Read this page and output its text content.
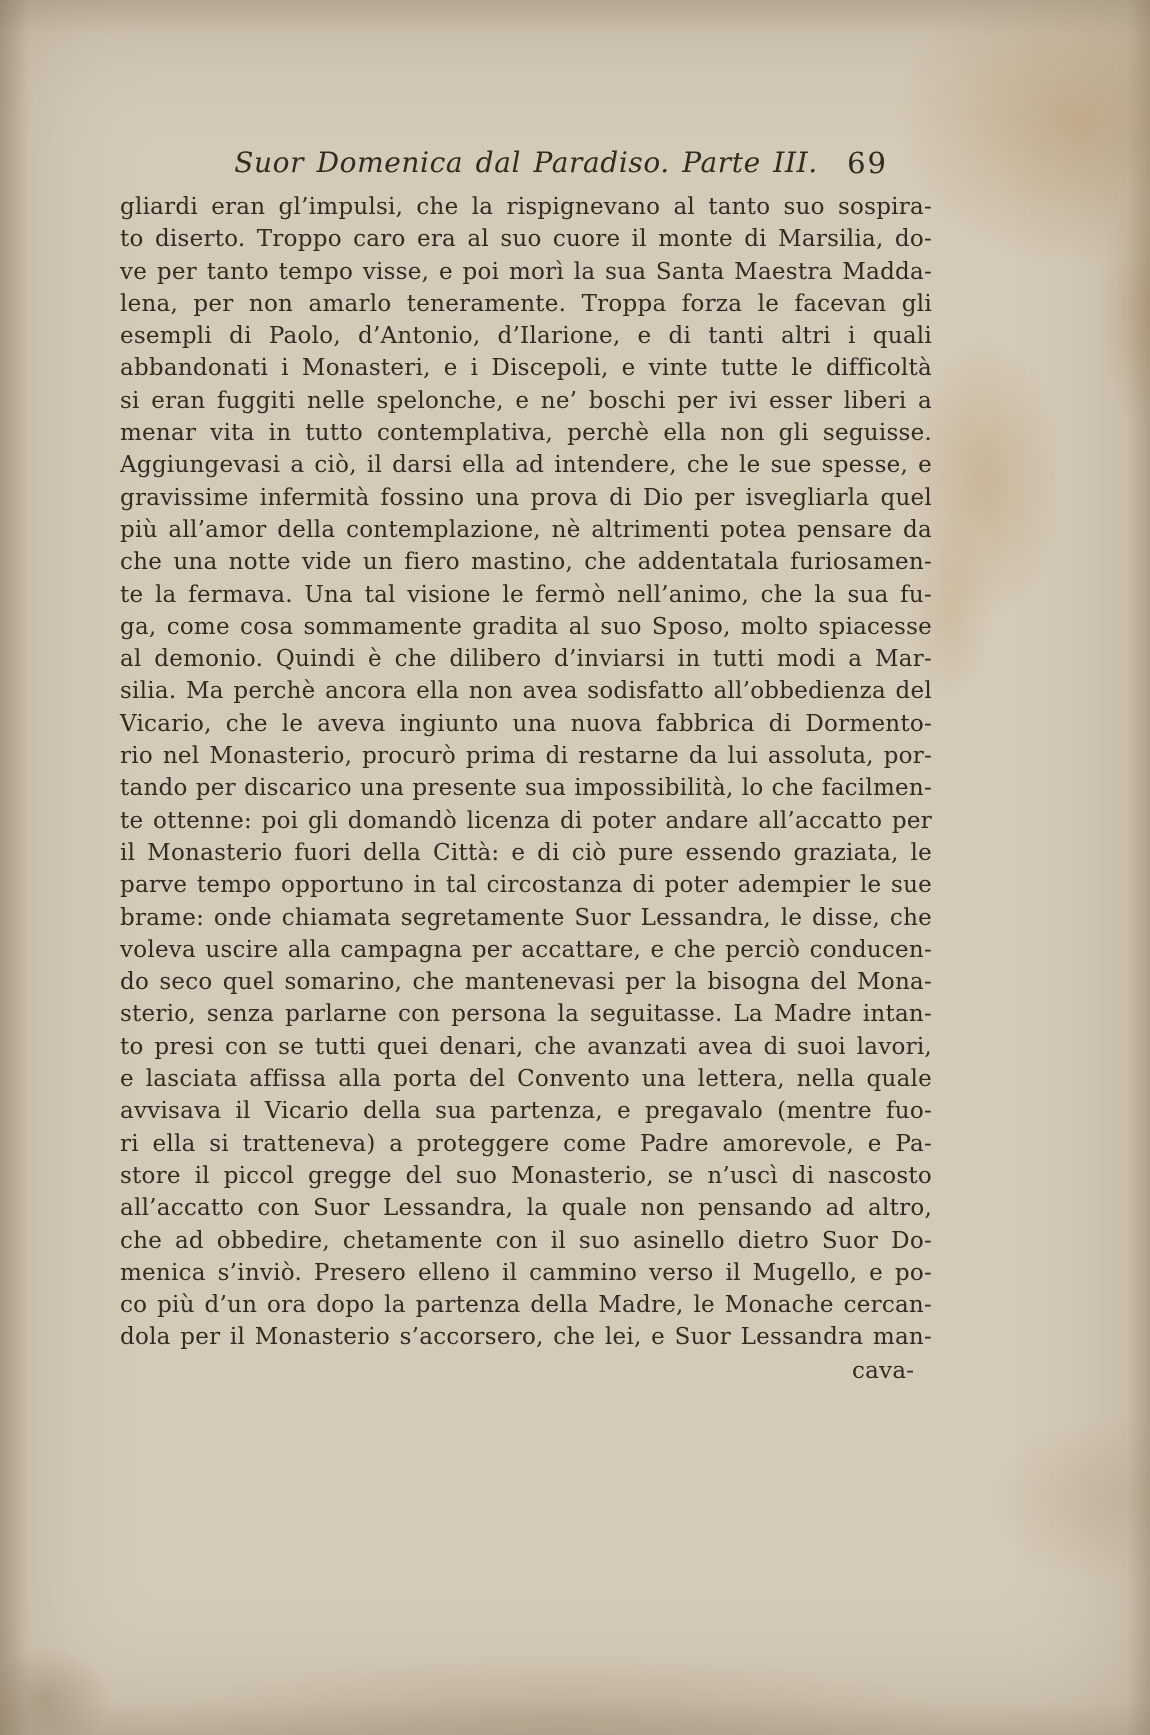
Suor Domenica dal Paradiso. Parte III.	69
gliardi eran gl’impulsi, che la rispignevano al tanto suo sospira-
to diserto. Troppo caro era al suo cuore il monte di Marsilia, do-
ve per tanto tempo visse, e poi morì la sua Santa Maestra Madda-
lena, per non amarlo teneramente. Troppa forza le facevan gli
esempli di Paolo, d’Antonio, d’Ilarione, e di tanti altri i quali
abbandonati i Monasteri, e i Discepoli, e vinte tutte le difficoltà
si eran fuggiti nelle spelonche, e ne’ boschi per ivi esser liberi a
menar vita in tutto contemplativa, perchè ella non gli seguisse.
Aggiungevasi a ciò, il darsi ella ad intendere, che le sue spesse, e
gravissime infermità fossino una prova di Dio per isvegliarla quel
più all’amor della contemplazione, nè altrimenti potea pensare da
che una notte vide un fiero mastino, che addentatala furiosamen-
te la fermava. Una tal visione le fermò nell’animo, che la sua fu-
ga, come cosa sommamente gradita al suo Sposo, molto spiacesse
al demonio. Quindi è che dilibero d’inviarsi in tutti modi a Mar-
silia. Ma perchè ancora ella non avea sodisfatto all’obbedienza del
Vicario, che le aveva ingiunto una nuova fabbrica di Dormento-
rio nel Monasterio, procurò prima di restarne da lui assoluta, por-
tando per discarico una presente sua impossibilità, lo che facilmen-
te ottenne: poi gli domandò licenza di poter andare all’accatto per
il Monasterio fuori della Città: e di ciò pure essendo graziata, le
parve tempo opportuno in tal circostanza di poter adempier le sue
brame: onde chiamata segretamente Suor Lessandra, le disse, che
voleva uscire alla campagna per accattare, e che perciò conducen-
do seco quel somarino, che mantenevasi per la bisogna del Mona-
sterio, senza parlarne con persona la seguitasse. La Madre intan-
to presi con se tutti quei denari, che avanzati avea di suoi lavori,
e lasciata affissa alla porta del Convento una lettera, nella quale
avvisava il Vicario della sua partenza, e pregavalo (mentre fuo-
ri ella si tratteneva) a proteggere come Padre amorevole, e Pa-
store il piccol gregge del suo Monasterio, se n’uscì di nascosto
all’accatto con Suor Lessandra, la quale non pensando ad altro,
che ad obbedire, chetamente con il suo asinello dietro Suor Do-
menica s’inviò. Presero elleno il cammino verso il Mugello, e po-
co più d’un ora dopo la partenza della Madre, le Monache cercan-
dola per il Monasterio s’accorsero, che lei, e Suor Lessandra man-
cava-
